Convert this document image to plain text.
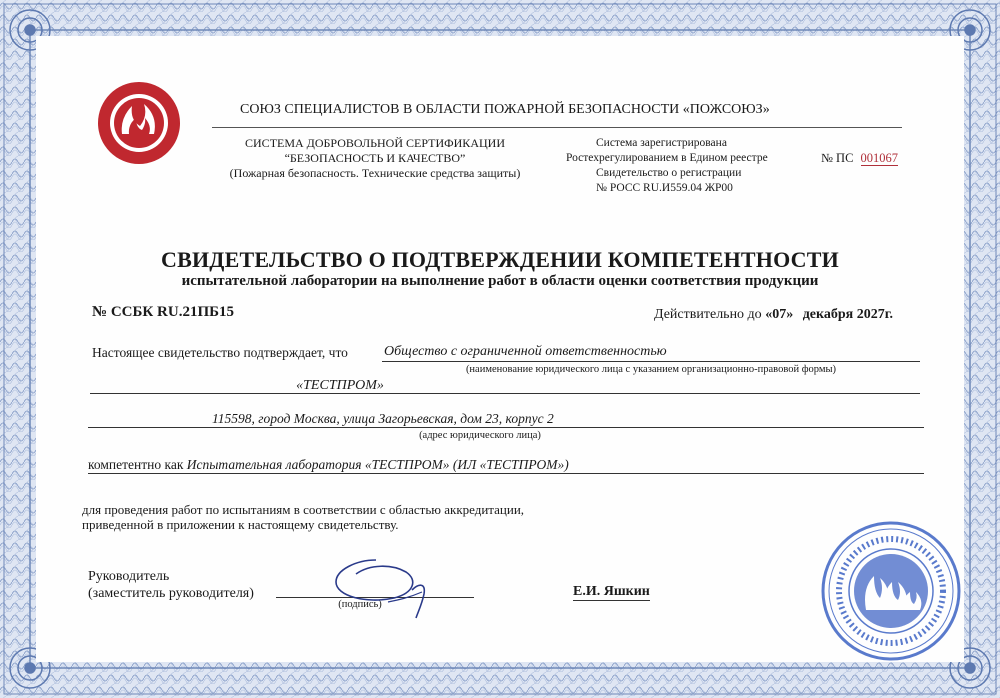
СОЮЗ СПЕЦИАЛИСТОВ В ОБЛАСТИ ПОЖАРНОЙ БЕЗОПАСНОСТИ «ПОЖСОЮЗ»
СИСТЕМА ДОБРОВОЛЬНОЙ СЕРТИФИКАЦИИ
“БЕЗОПАСНОСТЬ И КАЧЕСТВО”
(Пожарная безопасность. Технические средства защиты)
Система зарегистрирована
Ростехрегулированием в Едином реестре
Свидетельство о регистрации
№ РОСС RU.И559.04 ЖР00
№ ПС 001067
СВИДЕТЕЛЬСТВО О ПОДТВЕРЖДЕНИИ КОМПЕТЕНТНОСТИ
испытательной лаборатории на выполнение работ в области оценки соответствия продукции
№ ССБК RU.21ПБ15	Действительно до «07» декабря 2027г.
Настоящее свидетельство подтверждает, что	Общество с ограниченной ответственностью
(наименование юридического лица с указанием организационно-правовой формы)
«ТЕСТПРОМ»
115598, город Москва, улица Загорьевская, дом 23, корпус 2
(адрес юридического лица)
компетентно как Испытательная лаборатория «ТЕСТПРОМ» (ИЛ «ТЕСТПРОМ»)
для проведения работ по испытаниям в соответствии с областью аккредитации,
приведенной в приложении к настоящему свидетельству.
Руководитель
(заместитель руководителя)
(подпись)
Е.И. Яшкин
